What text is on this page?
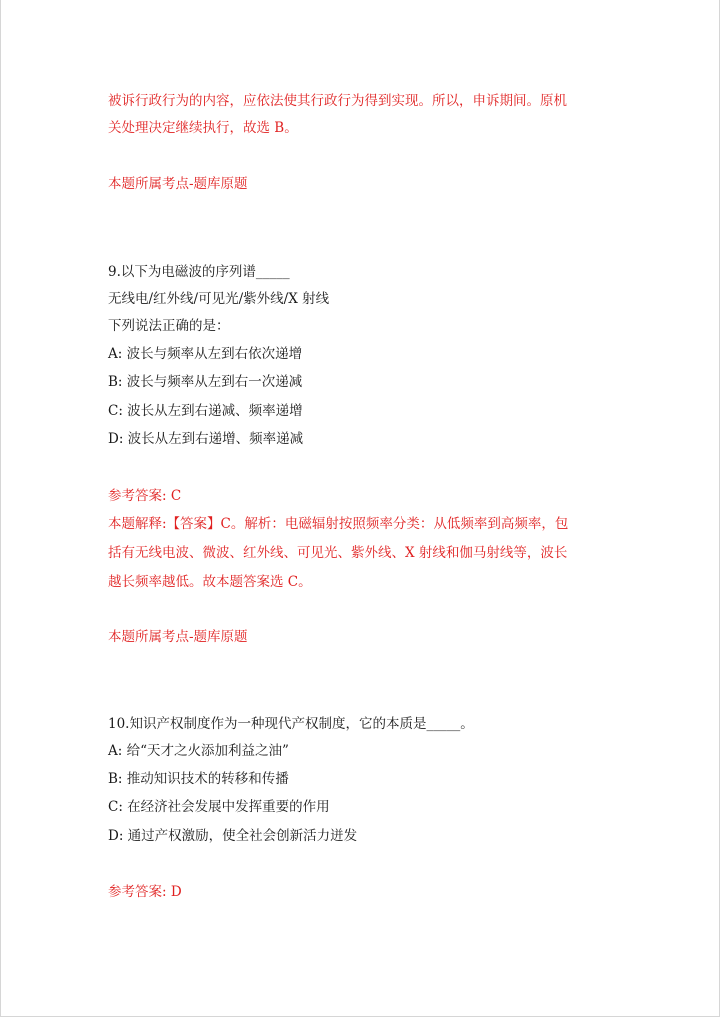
被诉行政行为的内容，应依法使其行政行为得到实现。所以，申诉期间。原机
关处理决定继续执行，故选 B。
本题所属考点-题库原题
9.以下为电磁波的序列谱_____
无线电/红外线/可见光/紫外线/X 射线
下列说法正确的是：
A: 波长与频率从左到右依次递增
B: 波长与频率从左到右一次递减
C: 波长从左到右递减、频率递增
D: 波长从左到右递增、频率递减
参考答案: C
本题解释:【答案】C。解析：电磁辐射按照频率分类：从低频率到高频率，包
括有无线电波、微波、红外线、可见光、紫外线、X 射线和伽马射线等，波长
越长频率越低。故本题答案选 C。
本题所属考点-题库原题
10.知识产权制度作为一种现代产权制度，它的本质是_____。
A: 给“天才之火添加利益之油”
B: 推动知识技术的转移和传播
C: 在经济社会发展中发挥重要的作用
D: 通过产权激励，使全社会创新活力迸发
参考答案: D
